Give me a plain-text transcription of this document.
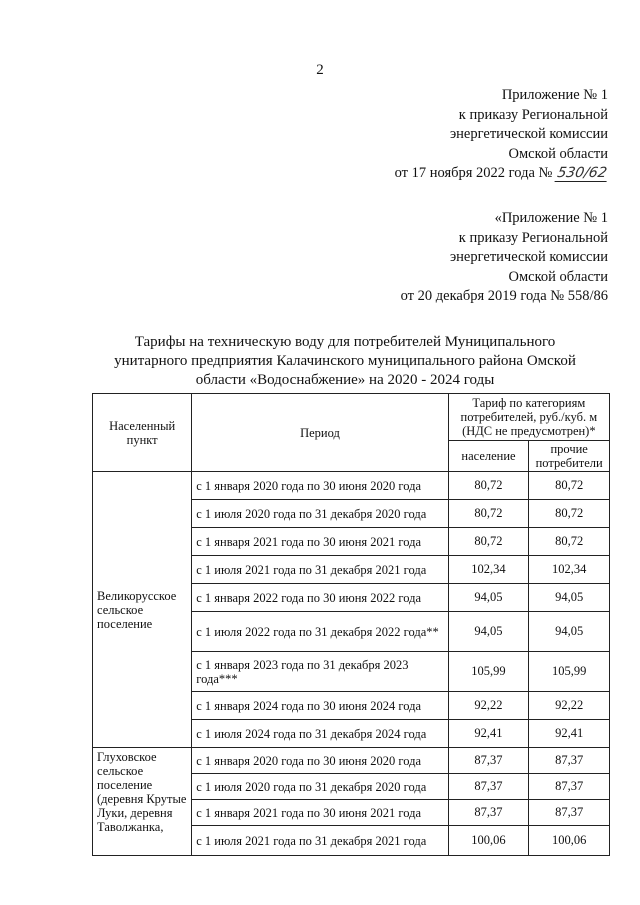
2
Приложение № 1
к приказу Региональной
энергетической комиссии
Омской области
от 17 ноября 2022 года № 530/62
«Приложение № 1
к приказу Региональной
энергетической комиссии
Омской области
от 20 декабря 2019 года № 558/86
Тарифы на техническую воду для потребителей Муниципального унитарного предприятия Калачинского муниципального района Омской области «Водоснабжение» на 2020 - 2024 годы
Населенный пункт	Период	Тариф по категориям потребителей, руб./куб. м (НДС не предусмотрен)*	
		население	прочие потребители
Великорусское сельское поселение	с 1 января 2020 года по 30 июня 2020 года	80,72	80,72
	с 1 июля 2020 года по 31 декабря 2020 года	80,72	80,72
	с 1 января 2021 года по 30 июня 2021 года	80,72	80,72
	с 1 июля 2021 года по 31 декабря 2021 года	102,34	102,34
	с 1 января 2022 года по 30 июня 2022 года	94,05	94,05
	с 1 июля 2022 года по 31 декабря 2022 года**	94,05	94,05
	с 1 января 2023 года по 31 декабря 2023 года***	105,99	105,99
	с 1 января 2024 года по 30 июня 2024 года	92,22	92,22
	с 1 июля 2024 года по 31 декабря 2024 года	92,41	92,41
Глуховское сельское поселение (деревня Крутые Луки, деревня Таволжанка,	с 1 января 2020 года по 30 июня 2020 года	87,37	87,37
	с 1 июля 2020 года по 31 декабря 2020 года	87,37	87,37
	с 1 января 2021 года по 30 июня 2021 года	87,37	87,37
	с 1 июля 2021 года по 31 декабря 2021 года	100,06	100,06
